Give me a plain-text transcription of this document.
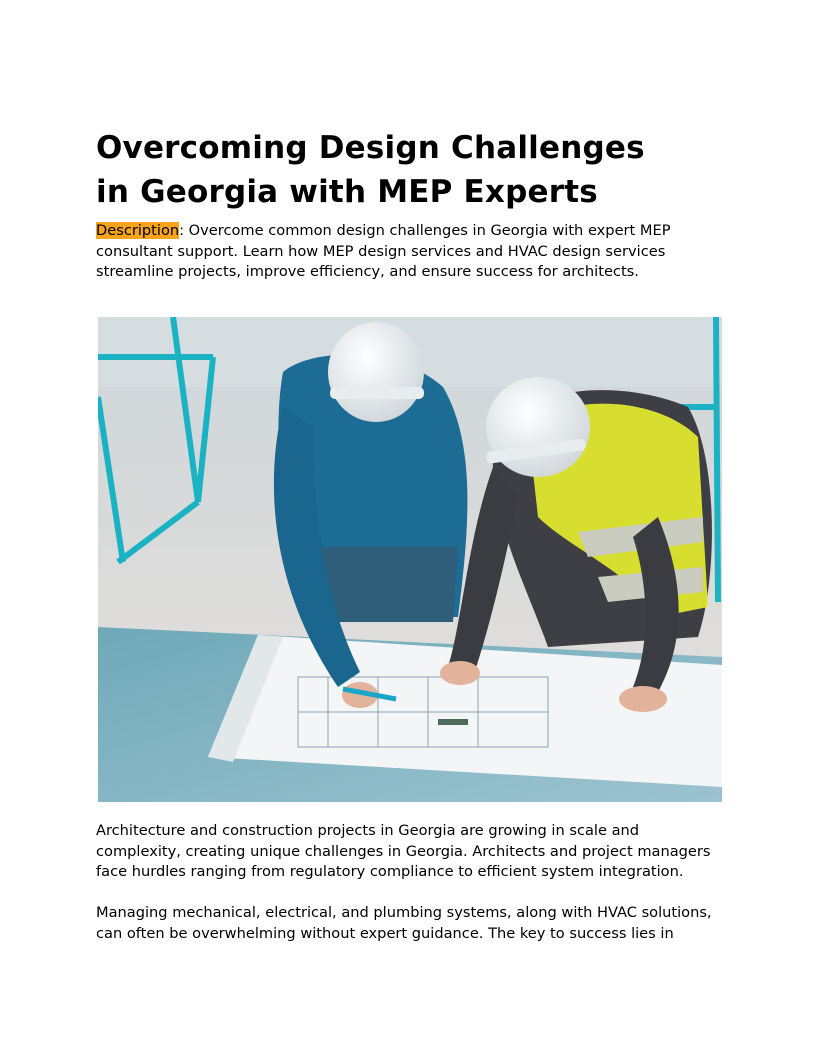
Overcoming Design Challenges
in Georgia with MEP Experts

Description: Overcome common design challenges in Georgia with expert MEP consultant support. Learn how MEP design services and HVAC design services streamline projects, improve efficiency, and ensure success for architects.

Architecture and construction projects in Georgia are growing in scale and complexity, creating unique challenges in Georgia. Architects and project managers face hurdles ranging from regulatory compliance to efficient system integration.

Managing mechanical, electrical, and plumbing systems, along with HVAC solutions, can often be overwhelming without expert guidance. The key to success lies in
